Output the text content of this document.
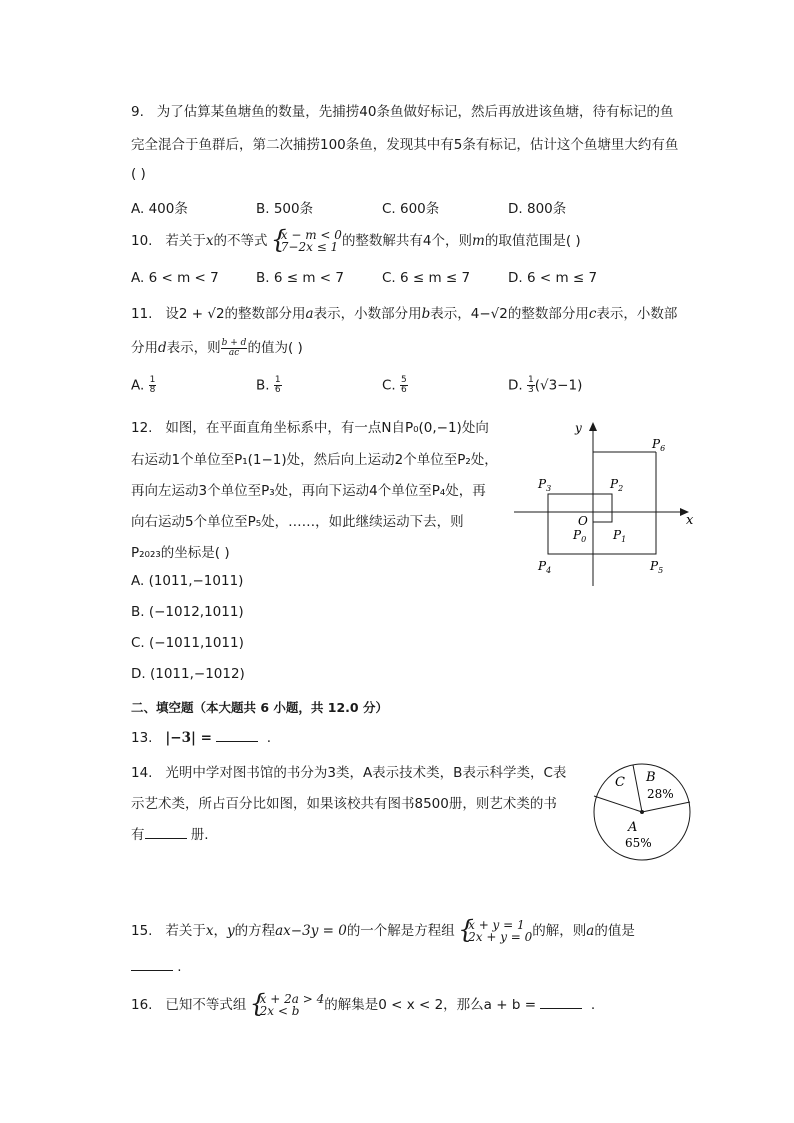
9. 为了估算某鱼塘鱼的数量，先捕捞40条鱼做好标记，然后再放进该鱼塘，待有标记的鱼
完全混合于鱼群后，第二次捕捞100条鱼，发现其中有5条有标记，估计这个鱼塘里大约有鱼
( )
A. 400条	B. 500条	C. 600条	D. 800条
10. 若关于x的不等式 { x − m < 0
7−2x ≤ 1 的整数解共有4个，则m的取值范围是( )
A. 6 < m < 7	B. 6 ≤ m < 7	C. 6 ≤ m ≤ 7	D. 6 < m ≤ 7
11. 设2 + √2的整数部分用a表示，小数部分用b表示，4−√2的整数部分用c表示，小数部
分用d表示，则 $\frac{b + d}{ac}$ 的值为( )
A. $\frac{1}{8}$	B. $\frac{1}{6}$	C. $\frac{5}{6}$	D. $\frac{1}{3} (√3-1)$
12. 如图，在平面直角坐标系中，有一点N自P₀(0,−1)处向
右运动1个单位至P₁(1−1)处，然后向上运动2个单位至P₂处，
再向左运动3个单位至P₃处，再向下运动4个单位至P₄处，再
向右运动5个单位至P₅处，……，如此继续运动下去，则
P₂₀₂₃的坐标是( )
A. (1011,−1011)
B. (−1012,1011)
C. (−1011,1011)
D. (1011,−1012)
x
y
O
$P_0$ $P_1$
$P_2$
$P_3$
$P_4$	$P_5$
$P_6$
二、填空题（本大题共 6 小题，共 12.0 分）
13. |−3| =	.
14. 光明中学对图书馆的书分为3类，A表示技术类，B表示科学类，C表
示艺术类，所占百分比如图，如果该校共有图书8500册，则艺术类的书
有	册.
C B
28%
A
65%
15. 若关于x，y的方程ax−3y = 0的一个解是方程组 { x + y = 1
2x + y = 0 的解，则a的值是
.
16. 已知不等式组 { x + 2a > 4
2x < b	的解集是0 < x < 2，那么a + b =	.
